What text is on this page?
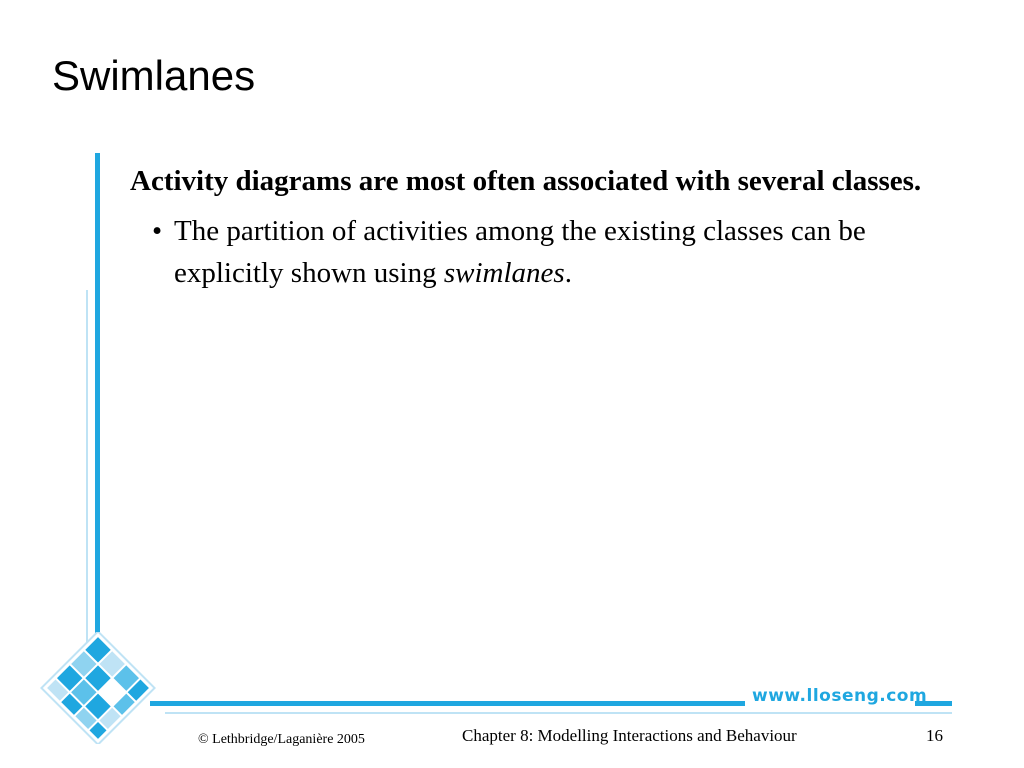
Swimlanes

Activity diagrams are most often associated with several classes.

• The partition of activities among the existing classes can be explicitly shown using swimlanes.
www.lloseng.com
© Lethbridge/Laganière 2005	Chapter 8: Modelling Interactions and Behaviour	16
